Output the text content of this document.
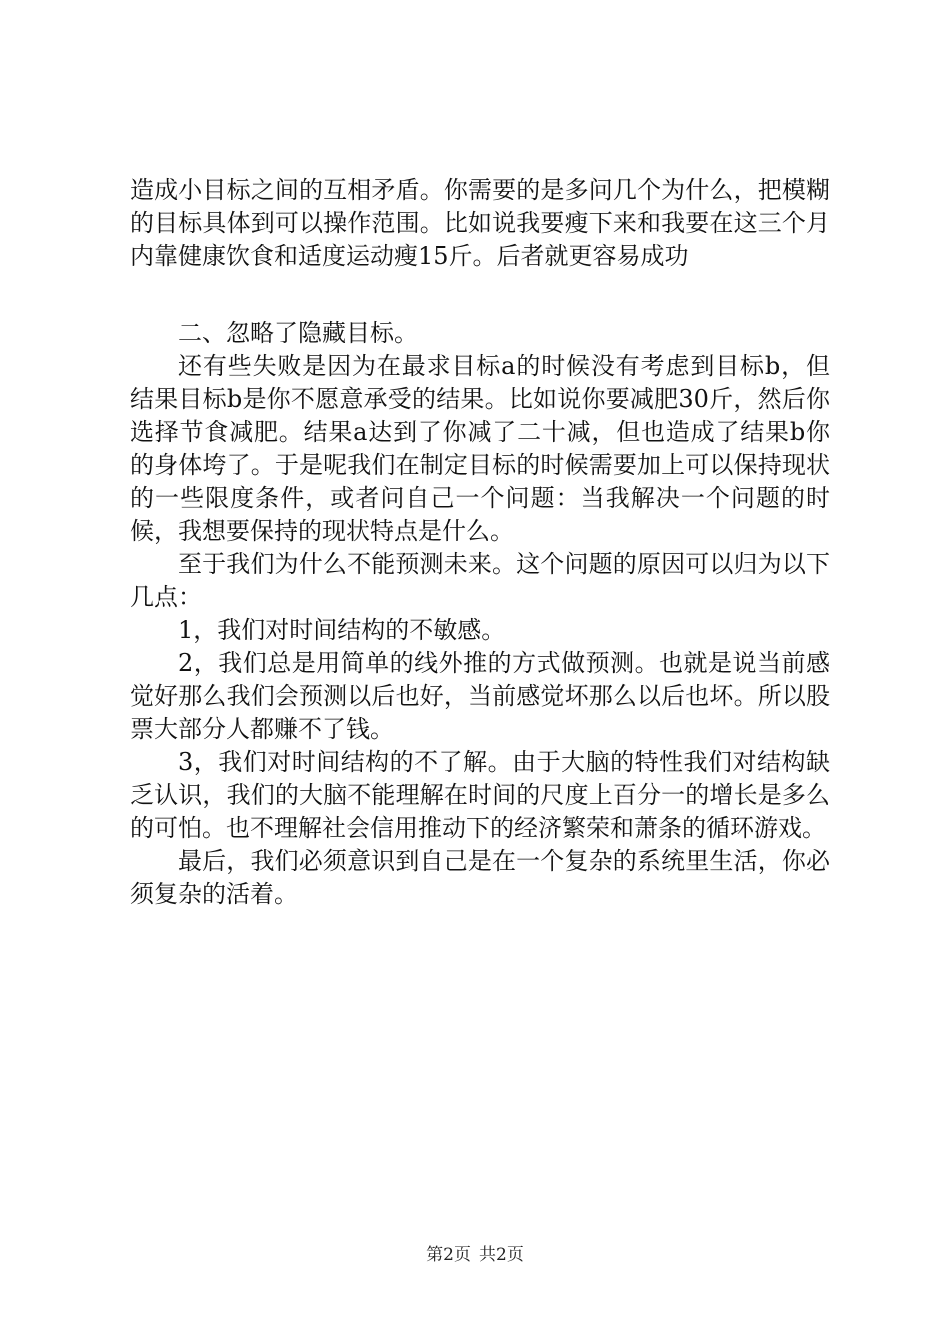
造成小目标之间的互相矛盾。你需要的是多问几个为什么，把模糊的目标具体到可以操作范围。比如说我要瘦下来和我要在这三个月内靠健康饮食和适度运动瘦15斤。后者就更容易成功

二、忽略了隐藏目标。

还有些失败是因为在最求目标a的时候没有考虑到目标b，但结果目标b是你不愿意承受的结果。比如说你要减肥30斤，然后你选择节食减肥。结果a达到了你减了二十减，但也造成了结果b你的身体垮了。于是呢我们在制定目标的时候需要加上可以保持现状的一些限度条件，或者问自己一个问题：当我解决一个问题的时候，我想要保持的现状特点是什么。

至于我们为什么不能预测未来。这个问题的原因可以归为以下几点：

1，我们对时间结构的不敏感。

2，我们总是用简单的线外推的方式做预测。也就是说当前感觉好那么我们会预测以后也好，当前感觉坏那么以后也坏。所以股票大部分人都赚不了钱。

3，我们对时间结构的不了解。由于大脑的特性我们对结构缺乏认识，我们的大脑不能理解在时间的尺度上百分一的增长是多么的可怕。也不理解社会信用推动下的经济繁荣和萧条的循环游戏。

最后，我们必须意识到自己是在一个复杂的系统里生活，你必须复杂的活着。

第2页 共2页
